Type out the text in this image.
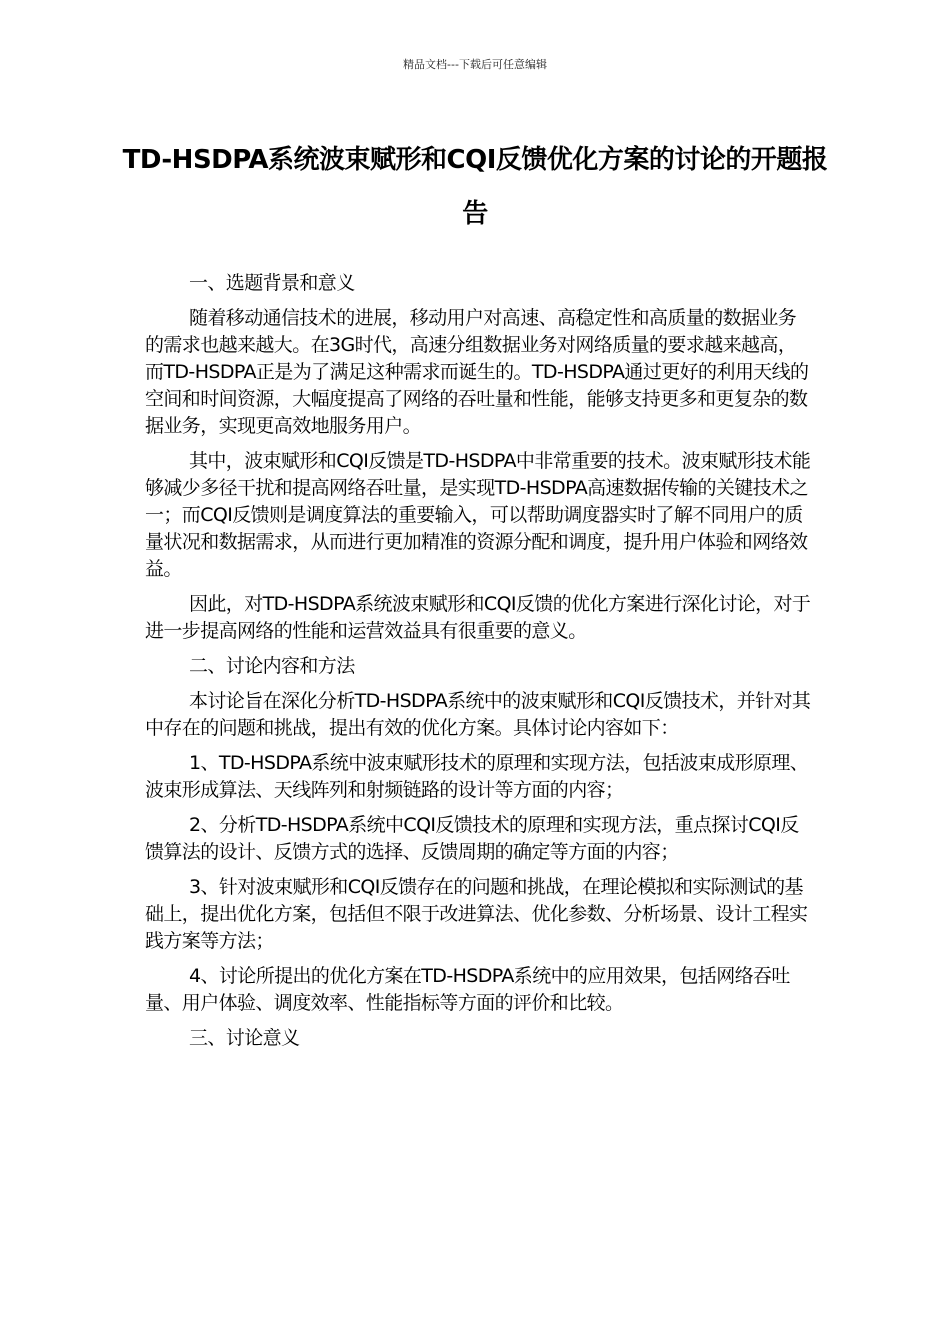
精品文档---下载后可任意编辑
TD-HSDPA系统波束赋形和CQI反馈优化方案的讨论的开题报告
一、选题背景和意义

随着移动通信技术的进展，移动用户对高速、高稳定性和高质量的数据业务的需求也越来越大。在3G时代，高速分组数据业务对网络质量的要求越来越高，而TD-HSDPA正是为了满足这种需求而诞生的。TD-HSDPA通过更好的利用天线的空间和时间资源，大幅度提高了网络的吞吐量和性能，能够支持更多和更复杂的数据业务，实现更高效地服务用户。

其中，波束赋形和CQI反馈是TD-HSDPA中非常重要的技术。波束赋形技术能够减少多径干扰和提高网络吞吐量，是实现TD-HSDPA高速数据传输的关键技术之一；而CQI反馈则是调度算法的重要输入，可以帮助调度器实时了解不同用户的质量状况和数据需求，从而进行更加精准的资源分配和调度，提升用户体验和网络效益。

因此，对TD-HSDPA系统波束赋形和CQI反馈的优化方案进行深化讨论，对于进一步提高网络的性能和运营效益具有很重要的意义。

二、讨论内容和方法

本讨论旨在深化分析TD-HSDPA系统中的波束赋形和CQI反馈技术，并针对其中存在的问题和挑战，提出有效的优化方案。具体讨论内容如下：

1、TD-HSDPA系统中波束赋形技术的原理和实现方法，包括波束成形原理、波束形成算法、天线阵列和射频链路的设计等方面的内容；

2、分析TD-HSDPA系统中CQI反馈技术的原理和实现方法，重点探讨CQI反馈算法的设计、反馈方式的选择、反馈周期的确定等方面的内容；

3、针对波束赋形和CQI反馈存在的问题和挑战，在理论模拟和实际测试的基础上，提出优化方案，包括但不限于改进算法、优化参数、分析场景、设计工程实践方案等方法；

4、讨论所提出的优化方案在TD-HSDPA系统中的应用效果，包括网络吞吐量、用户体验、调度效率、性能指标等方面的评价和比较。

三、讨论意义
